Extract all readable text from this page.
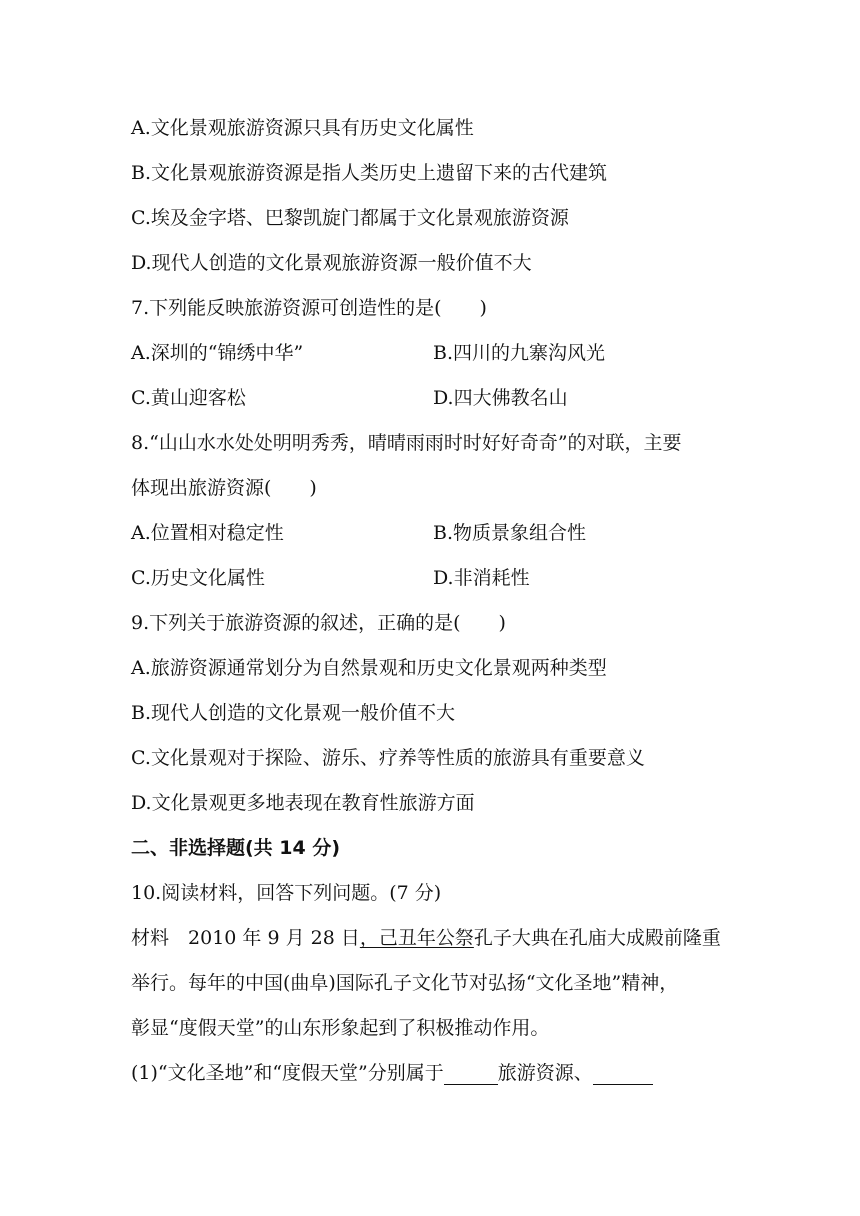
A.文化景观旅游资源只具有历史文化属性
B.文化景观旅游资源是指人类历史上遗留下来的古代建筑
C.埃及金字塔、巴黎凯旋门都属于文化景观旅游资源
D.现代人创造的文化景观旅游资源一般价值不大
7.下列能反映旅游资源可创造性的是(　　)
A.深圳的“锦绣中华”	B.四川的九寨沟风光
C.黄山迎客松	D.四大佛教名山
8.“山山水水处处明明秀秀，晴晴雨雨时时好好奇奇”的对联，主要
体现出旅游资源(　　)
A.位置相对稳定性	B.物质景象组合性
C.历史文化属性	D.非消耗性
9.下列关于旅游资源的叙述，正确的是(　　)
A.旅游资源通常划分为自然景观和历史文化景观两种类型
B.现代人创造的文化景观一般价值不大
C.文化景观对于探险、游乐、疗养等性质的旅游具有重要意义
D.文化景观更多地表现在教育性旅游方面
二、非选择题(共 14 分)
10.阅读材料，回答下列问题。(7 分)
材料　2010 年 9 月 28 日，己丑年公祭孔子大典在孔庙大成殿前隆重
举行。每年的中国(曲阜)国际孔子文化节对弘扬“文化圣地”精神，
彰显“度假天堂”的山东形象起到了积极推动作用。
(1)“文化圣地”和“度假天堂”分别属于	旅游资源、
